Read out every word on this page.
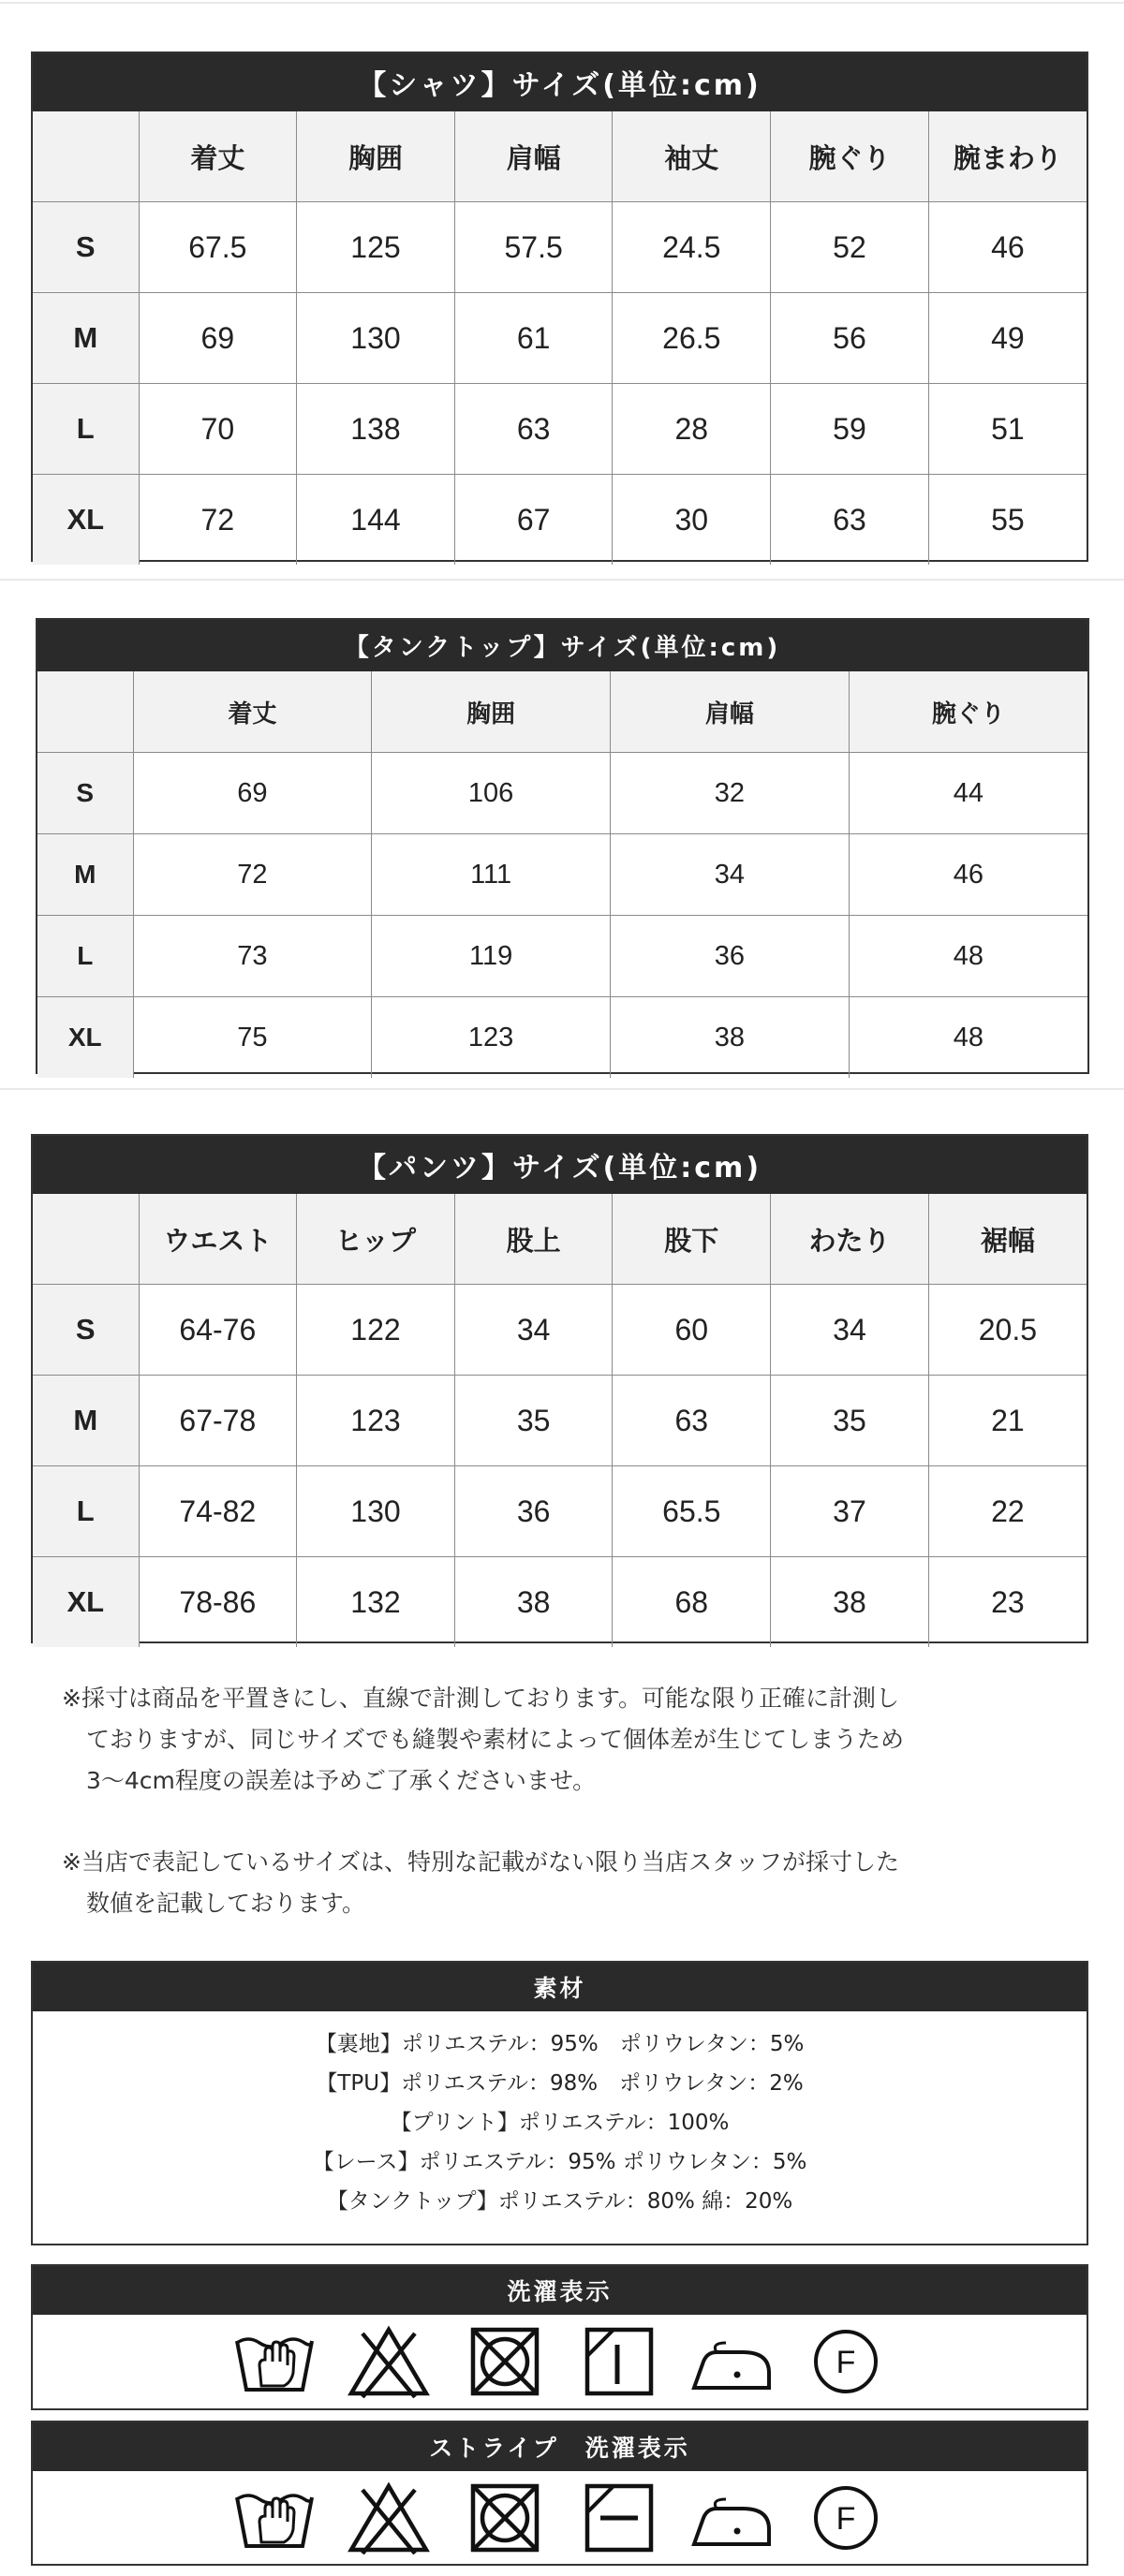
【シャツ】サイズ(単位:cm)
	着丈	胸囲	肩幅	袖丈	腕ぐり	腕まわり
S	67.5	125	57.5	24.5	52	46
M	69	130	61	26.5	56	49
L	70	138	63	28	59	51
XL	72	144	67	30	63	55
【タンクトップ】サイズ(単位:cm)
	着丈	胸囲	肩幅	腕ぐり
S	69	106	32	44
M	72	111	34	46
L	73	119	36	48
XL	75	123	38	48
【パンツ】サイズ(単位:cm)
	ウエスト	ヒップ	股上	股下	わたり	裾幅
S	64-76	122	34	60	34	20.5
M	67-78	123	35	63	35	21
L	74-82	130	36	65.5	37	22
XL	78-86	132	38	68	38	23

※採寸は商品を平置きにし、直線で計測しております。可能な限り正確に計測し

ておりますが、同じサイズでも縫製や素材によって個体差が生じてしまうため

3〜4cm程度の誤差は予めご了承くださいませ。

※当店で表記しているサイズは、特別な記載がない限り当店スタッフが採寸した

数値を記載しております。

素材
【裏地】ポリエステル：95%　ポリウレタン：5%
【TPU】ポリエステル：98%　ポリウレタン：2%
【プリント】ポリエステル：100%
【レース】ポリエステル：95% ポリウレタン：5%
【タンクトップ】ポリエステル：80% 綿：20%
洗濯表示
F
ストライプ　洗濯表示
F
